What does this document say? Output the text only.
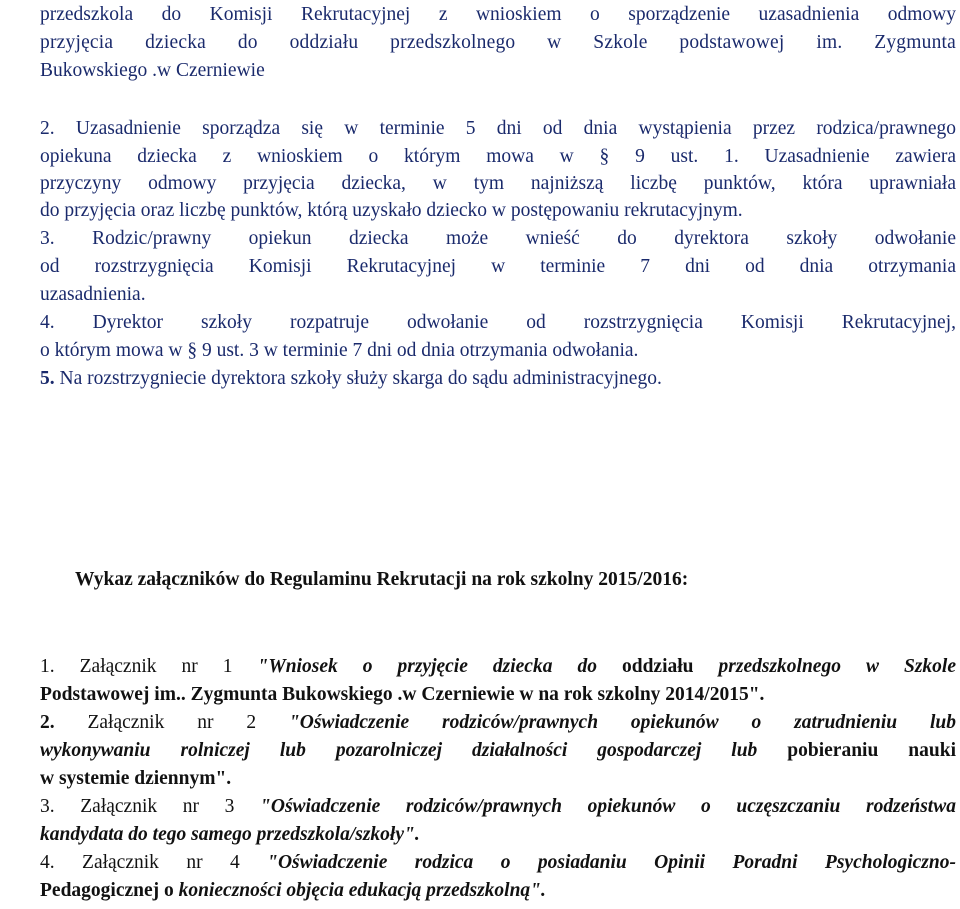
przedszkola do Komisji Rekrutacyjnej z wnioskiem o sporządzenie uzasadnienia odmowy
przyjęcia dziecka do oddziału przedszkolnego w Szkole podstawowej im. Zygmunta
Bukowskiego .w Czerniewie
2. Uzasadnienie sporządza się w terminie 5 dni od dnia wystąpienia przez rodzica/prawnego
opiekuna dziecka z wnioskiem o którym mowa w § 9 ust. 1. Uzasadnienie zawiera
przyczyny odmowy przyjęcia dziecka, w tym najniższą liczbę punktów, która uprawniała
do przyjęcia oraz liczbę punktów, którą uzyskało dziecko w postępowaniu rekrutacyjnym.
3. Rodzic/prawny opiekun dziecka może wnieść do dyrektora szkoły odwołanie
od rozstrzygnięcia Komisji Rekrutacyjnej w terminie 7 dni od dnia otrzymania
uzasadnienia.
4. Dyrektor szkoły rozpatruje odwołanie od rozstrzygnięcia Komisji Rekrutacyjnej,
o którym mowa w § 9 ust. 3 w terminie 7 dni od dnia otrzymania odwołania.
5. Na rozstrzygniecie dyrektora szkoły służy skarga do sądu administracyjnego.
Wykaz załączników do Regulaminu Rekrutacji na rok szkolny 2015/2016:
1. Załącznik nr 1 "Wniosek o przyjęcie dziecka do oddziału przedszkolnego w Szkole
Podstawowej im.. Zygmunta Bukowskiego .w Czerniewie w na rok szkolny 2014/2015".
2. Załącznik nr 2 "Oświadczenie rodziców/prawnych opiekunów o zatrudnieniu lub
wykonywaniu rolniczej lub pozarolniczej działalności gospodarczej lub pobieraniu nauki
w systemie dziennym".
3. Załącznik nr 3 "Oświadczenie rodziców/prawnych opiekunów o uczęszczaniu rodzeństwa
kandydata do tego samego przedszkola/szkoły".
4. Załącznik nr 4 "Oświadczenie rodzica o posiadaniu Opinii Poradni Psychologiczno-
Pedagogicznej o konieczności objęcia edukacją przedszkolną".
